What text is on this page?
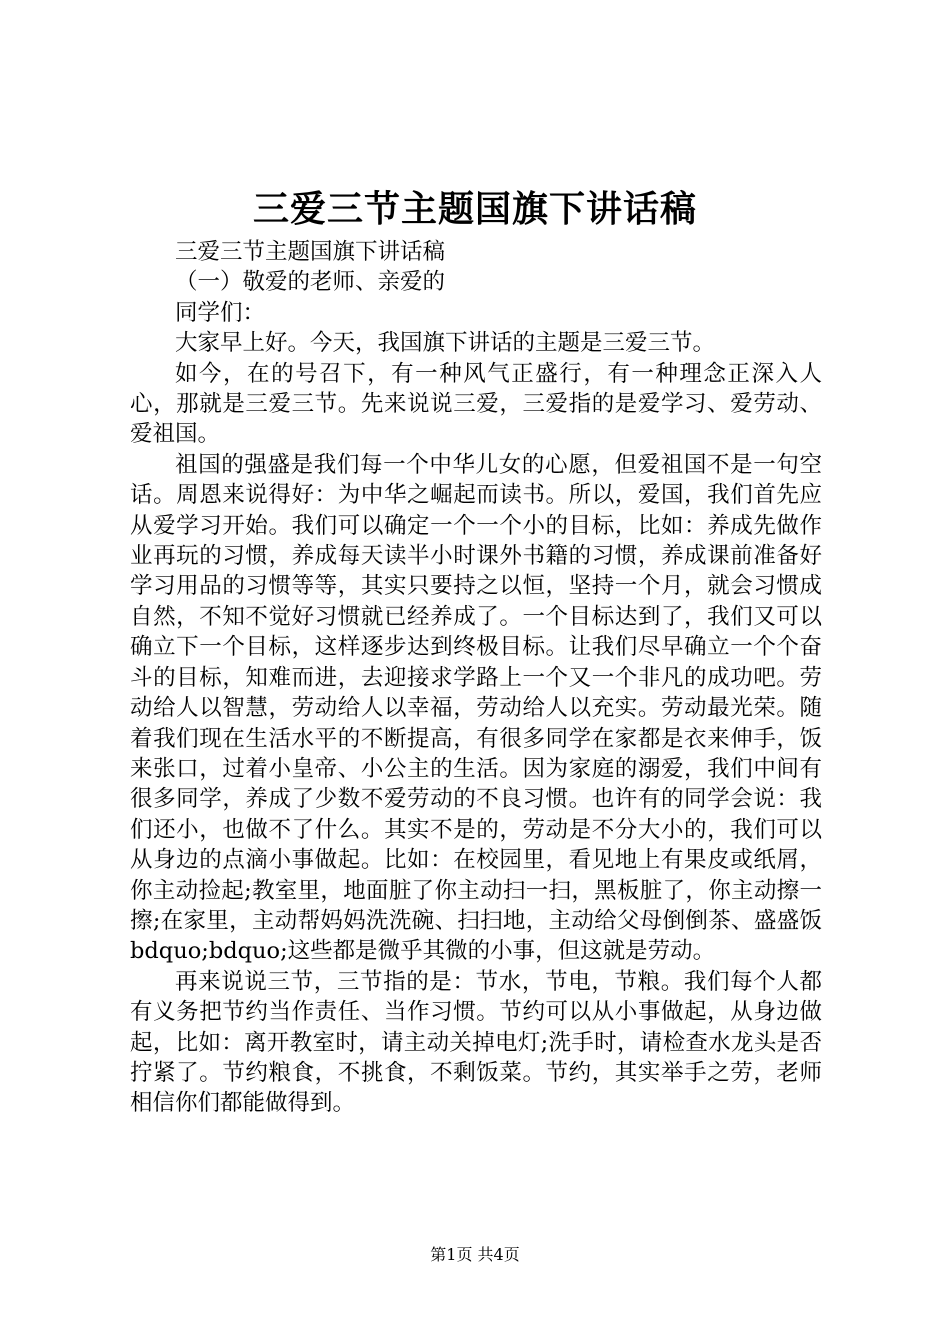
三爱三节主题国旗下讲话稿

三爱三节主题国旗下讲话稿

（一）敬爱的老师、亲爱的

同学们：

大家早上好。今天，我国旗下讲话的主题是三爱三节。

如今，在的号召下，有一种风气正盛行，有一种理念正深入人心，那就是三爱三节。先来说说三爱，三爱指的是爱学习、爱劳动、爱祖国。

祖国的强盛是我们每一个中华儿女的心愿，但爱祖国不是一句空话。周恩来说得好：为中华之崛起而读书。所以，爱国，我们首先应从爱学习开始。我们可以确定一个一个小的目标，比如：养成先做作业再玩的习惯，养成每天读半小时课外书籍的习惯，养成课前准备好学习用品的习惯等等，其实只要持之以恒，坚持一个月，就会习惯成自然，不知不觉好习惯就已经养成了。一个目标达到了，我们又可以确立下一个目标，这样逐步达到终极目标。让我们尽早确立一个个奋斗的目标，知难而进，去迎接求学路上一个又一个非凡的成功吧。劳动给人以智慧，劳动给人以幸福，劳动给人以充实。劳动最光荣。随着我们现在生活水平的不断提高，有很多同学在家都是衣来伸手，饭来张口，过着小皇帝、小公主的生活。因为家庭的溺爱，我们中间有很多同学，养成了少数不爱劳动的不良习惯。也许有的同学会说：我们还小，也做不了什么。其实不是的，劳动是不分大小的，我们可以从身边的点滴小事做起。比如：在校园里，看见地上有果皮或纸屑，你主动捡起;教室里，地面脏了你主动扫一扫，黑板脏了，你主动擦一擦;在家里，主动帮妈妈洗洗碗、扫扫地，主动给父母倒倒茶、盛盛饭 bdquo;bdquo;这些都是微乎其微的小事，但这就是劳动。

再来说说三节，三节指的是：节水，节电，节粮。我们每个人都有义务把节约当作责任、当作习惯。节约可以从小事做起，从身边做起，比如：离开教室时，请主动关掉电灯;洗手时，请检查水龙头是否拧紧了。节约粮食，不挑食，不剩饭菜。节约，其实举手之劳，老师相信你们都能做得到。

第1页 共4页
